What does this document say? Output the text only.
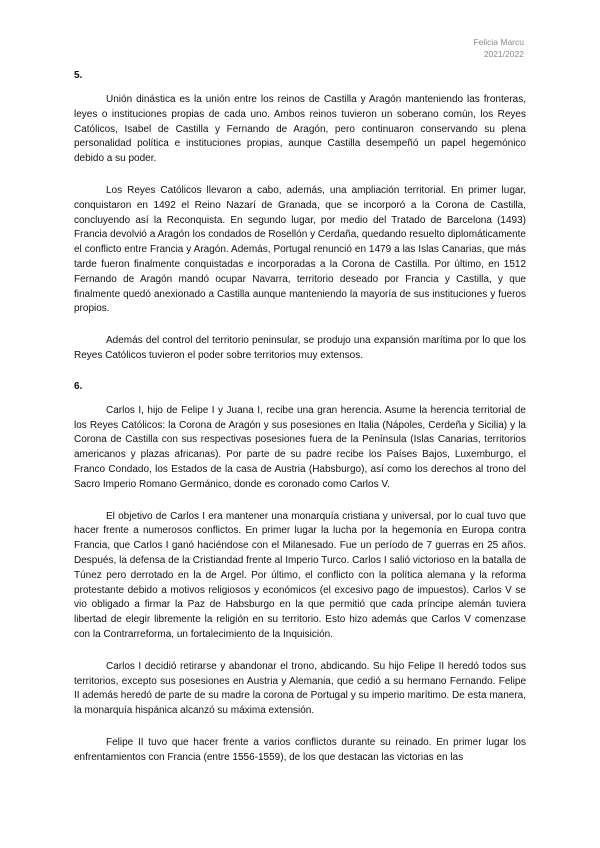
Felicia Marcu
2021/2022
5.

Unión dinástica es la unión entre los reinos de Castilla y Aragón manteniendo las fronteras, leyes o instituciones propias de cada uno. Ambos reinos tuvieron un soberano común, los Reyes Católicos, Isabel de Castilla y Fernando de Aragón, pero continuaron conservando su plena personalidad política e instituciones propias, aunque Castilla desempeñó un papel hegemónico debido a su poder.

Los Reyes Católicos llevaron a cabo, además, una ampliación territorial. En primer lugar, conquistaron en 1492 el Reino Nazarí de Granada, que se incorporó a la Corona de Castilla, concluyendo así la Reconquista. En segundo lugar, por medio del Tratado de Barcelona (1493) Francia devolvió a Aragón los condados de Rosellón y Cerdaña, quedando resuelto diplomáticamente el conflicto entre Francia y Aragón. Además, Portugal renunció en 1479 a las Islas Canarias, que más tarde fueron finalmente conquistadas e incorporadas a la Corona de Castilla. Por último, en 1512 Fernando de Aragón mandó ocupar Navarra, territorio deseado por Francia y Castilla, y que finalmente quedó anexionado a Castilla aunque manteniendo la mayoría de sus instituciones y fueros propios.

Además del control del territorio peninsular, se produjo una expansión marítima por lo que los Reyes Católicos tuvieron el poder sobre territorios muy extensos.

6.

Carlos I, hijo de Felipe I y Juana I, recibe una gran herencia. Asume la herencia territorial de los Reyes Católicos: la Corona de Aragón y sus posesiones en Italia (Nápoles, Cerdeña y Sicilia) y la Corona de Castilla con sus respectivas posesiones fuera de la Península (Islas Canarias, territorios americanos y plazas africanas). Por parte de su padre recibe los Países Bajos, Luxemburgo, el Franco Condado, los Estados de la casa de Austria (Habsburgo), así como los derechos al trono del Sacro Imperio Romano Germánico, donde es coronado como Carlos V.

El objetivo de Carlos I era mantener una monarquía cristiana y universal, por lo cual tuvo que hacer frente a numerosos conflictos. En primer lugar la lucha por la hegemonía en Europa contra Francia, que Carlos I ganó haciéndose con el Milanesado. Fue un período de 7 guerras en 25 años. Después, la defensa de la Cristiandad frente al Imperio Turco. Carlos I salió victorioso en la batalla de Túnez pero derrotado en la de Argel. Por último, el conflicto con la política alemana y la reforma protestante debido a motivos religiosos y económicos (el excesivo pago de impuestos). Carlos V se vio obligado a firmar la Paz de Habsburgo en la que permitió que cada príncipe alemán tuviera libertad de elegir libremente la religión en su territorio. Esto hizo además que Carlos V comenzase con la Contrarreforma, un fortalecimiento de la Inquisición.

Carlos I decidió retirarse y abandonar el trono, abdicando. Su hijo Felipe II heredó todos sus territorios, excepto sus posesiones en Austria y Alemania, que cedió a su hermano Fernando. Felipe II además heredó de parte de su madre la corona de Portugal y su imperio marítimo. De esta manera, la monarquía hispánica alcanzó su máxima extensión.

Felipe II tuvo que hacer frente a varios conflictos durante su reinado. En primer lugar los enfrentamientos con Francia (entre 1556-1559), de los que destacan las victorias en las
